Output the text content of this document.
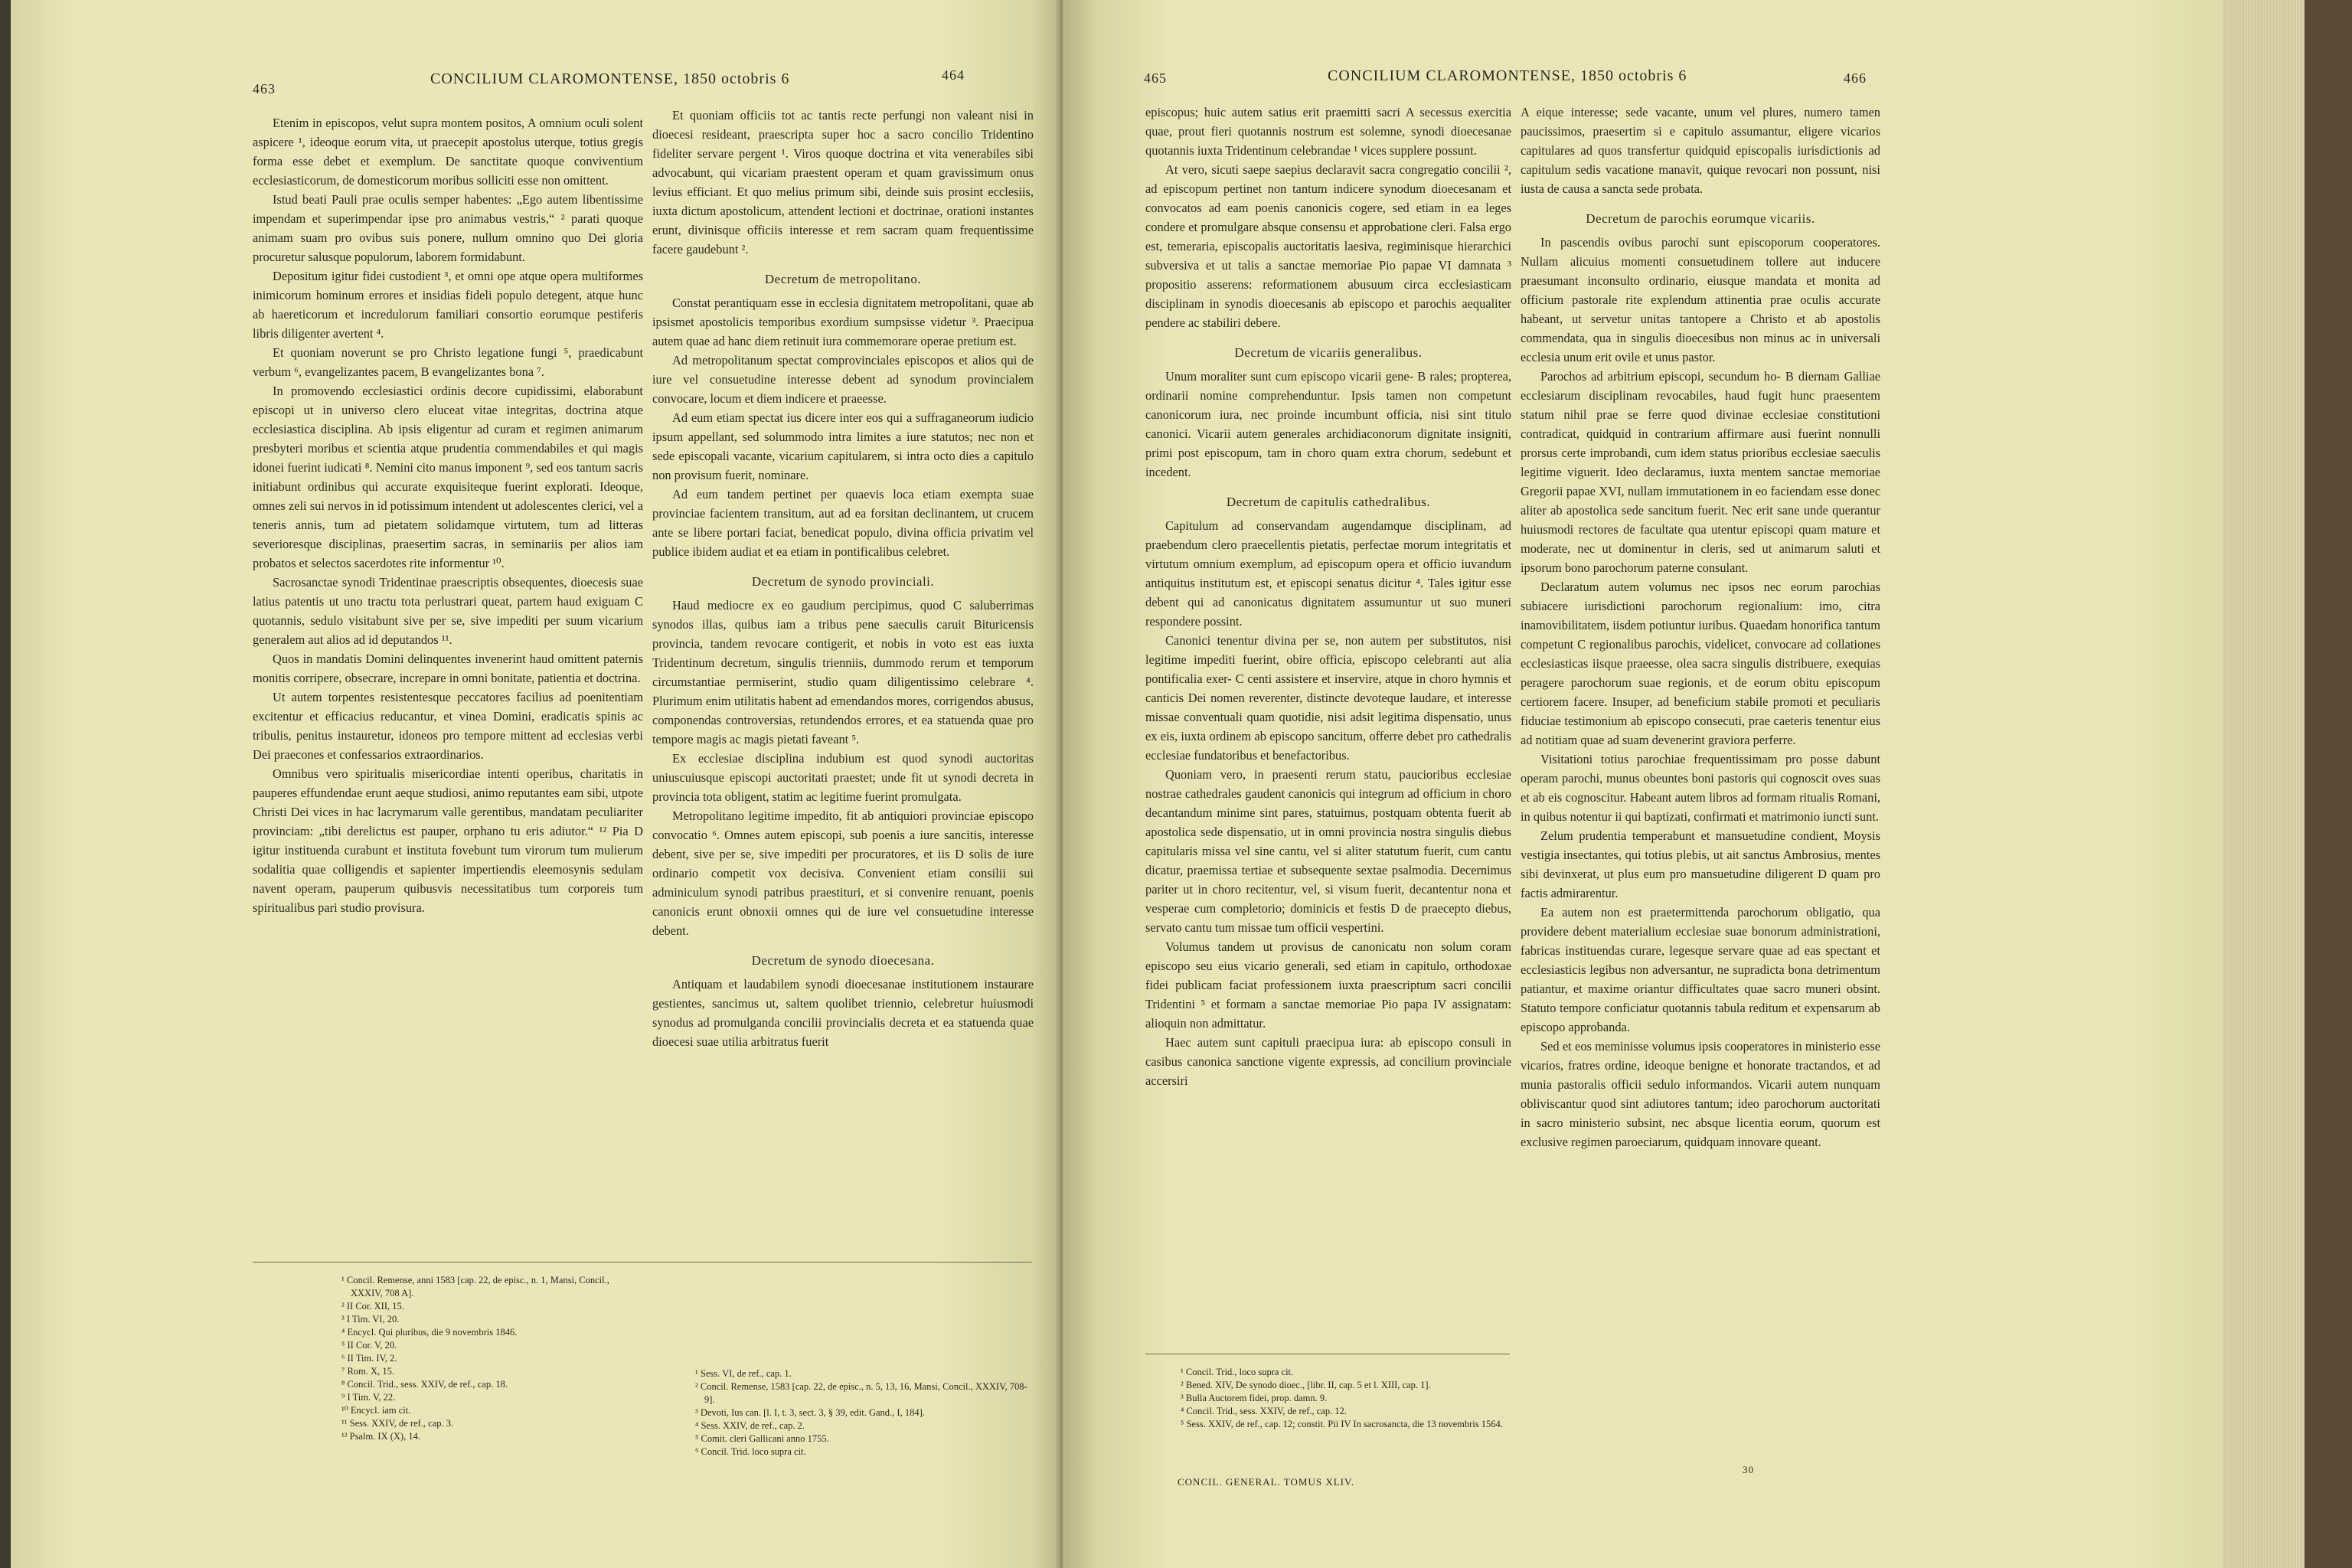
463
CONCILIUM CLAROMONTENSE, 1850 octobris 6	464

Etenim in episcopos, velut supra montem positos, A omnium oculi solent aspicere ¹, ideoque eorum vita, ut praecepit apostolus uterque, totius gregis forma esse debet et exemplum. De sanctitate quoque conviventium ecclesiasticorum, de domesticorum moribus solliciti esse non omittent.

Istud beati Pauli prae oculis semper habentes: „Ego autem libentissime impendam et superimpendar ipse pro animabus vestris,“ ² parati quoque animam suam pro ovibus suis ponere, nullum omnino quo Dei gloria procuretur salusque populorum, laborem formidabunt.

Depositum igitur fidei custodient ³, et omni ope atque opera multiformes inimicorum hominum errores et insidias fideli populo detegent, atque hunc ab haereticorum et incredulorum familiari consortio eorumque pestiferis libris diligenter avertent ⁴.

Et quoniam noverunt se pro Christo legatione fungi ⁵, praedicabunt verbum ⁶, evangelizantes pacem, B evangelizantes bona ⁷.

In promovendo ecclesiastici ordinis decore cupidissimi, elaborabunt episcopi ut in universo clero eluceat vitae integritas, doctrina atque ecclesiastica disciplina. Ab ipsis eligentur ad curam et regimen animarum presbyteri moribus et scientia atque prudentia commendabiles et qui magis idonei fuerint iudicati ⁸. Nemini cito manus imponent ⁹, sed eos tantum sacris initiabunt ordinibus qui accurate exquisiteque fuerint explorati. Ideoque, omnes zeli sui nervos in id potissimum intendent ut adolescentes clerici, vel a teneris annis, tum ad pietatem solidamque virtutem, tum ad litteras severioresque disciplinas, praesertim sacras, in seminariis per alios iam probatos et selectos sacerdotes rite informentur ¹⁰.

Sacrosanctae synodi Tridentinae praescriptis obsequentes, dioecesis suae latius patentis ut uno tractu tota perlustrari queat, partem haud exiguam C quotannis, sedulo visitabunt sive per se, sive impediti per suum vicarium generalem aut alios ad id deputandos ¹¹.

Quos in mandatis Domini delinquentes invenerint haud omittent paternis monitis corripere, obsecrare, increpare in omni bonitate, patientia et doctrina.

Ut autem torpentes resistentesque peccatores facilius ad poenitentiam excitentur et efficacius reducantur, et vinea Domini, eradicatis spinis ac tribulis, penitus instauretur, idoneos pro tempore mittent ad ecclesias verbi Dei praecones et confessarios extraordinarios.

Omnibus vero spiritualis misericordiae intenti operibus, charitatis in pauperes effundendae erunt aeque studiosi, animo reputantes eam sibi, utpote Christi Dei vices in hac lacrymarum valle gerentibus, mandatam peculiariter provinciam: „tibi derelictus est pauper, orphano tu eris adiutor.“ ¹² Pia D igitur instituenda curabunt et instituta fovebunt tum virorum tum mulierum sodalitia quae colligendis et sapienter impertiendis eleemosynis sedulam navent operam, pauperum quibusvis necessitatibus tum corporeis tum spiritualibus pari studio provisura.

Et quoniam officiis tot ac tantis recte perfungi non valeant nisi in dioecesi resideant, praescripta super hoc a sacro concilio Tridentino fideliter servare pergent ¹. Viros quoque doctrina et vita venerabiles sibi advocabunt, qui vicariam praestent operam et quam gravissimum onus levius efficiant. Et quo melius primum sibi, deinde suis prosint ecclesiis, iuxta dictum apostolicum, attendent lectioni et doctrinae, orationi instantes erunt, divinisque officiis interesse et rem sacram quam frequentissime facere gaudebunt ².

Decretum de metropolitano.

Constat perantiquam esse in ecclesia dignitatem metropolitani, quae ab ipsismet apostolicis temporibus exordium sumpsisse videtur ³. Praecipua autem quae ad hanc diem retinuit iura commemorare operae pretium est.

Ad metropolitanum spectat comprovinciales episcopos et alios qui de iure vel consuetudine interesse debent ad synodum provincialem convocare, locum et diem indicere et praeesse.

Ad eum etiam spectat ius dicere inter eos qui a suffraganeorum iudicio ipsum appellant, sed solummodo intra limites a iure statutos; nec non et sede episcopali vacante, vicarium capitularem, si intra octo dies a capitulo non provisum fuerit, nominare.

Ad eum tandem pertinet per quaevis loca etiam exempta suae provinciae facientem transitum, aut ad ea forsitan declinantem, ut crucem ante se libere portari faciat, benedicat populo, divina officia privatim vel publice ibidem audiat et ea etiam in pontificalibus celebret.

Decretum de synodo provinciali.

Haud mediocre ex eo gaudium percipimus, quod C saluberrimas synodos illas, quibus iam a tribus pene saeculis caruit Bituricensis provincia, tandem revocare contigerit, et nobis in voto est eas iuxta Tridentinum decretum, singulis trienniis, dummodo rerum et temporum circumstantiae permiserint, studio quam diligentissimo celebrare ⁴. Plurimum enim utilitatis habent ad emendandos mores, corrigendos abusus, componendas controversias, retundendos errores, et ea statuenda quae pro tempore magis ac magis pietati faveant ⁵.

Ex ecclesiae disciplina indubium est quod synodi auctoritas uniuscuiusque episcopi auctoritati praestet; unde fit ut synodi decreta in provincia tota obligent, statim ac legitime fuerint promulgata.

Metropolitano legitime impedito, fit ab antiquiori provinciae episcopo convocatio ⁶. Omnes autem episcopi, sub poenis a iure sancitis, interesse debent, sive per se, sive impediti per procuratores, et iis D solis de iure ordinario competit vox decisiva. Convenient etiam consilii sui adminiculum synodi patribus praestituri, et si convenire renuant, poenis canonicis erunt obnoxii omnes qui de iure vel consuetudine interesse debent.

Decretum de synodo dioecesana.

Antiquam et laudabilem synodi dioecesanae institutionem instaurare gestientes, sancimus ut, saltem quolibet triennio, celebretur huiusmodi synodus ad promulganda concilii provincialis decreta et ea statuenda quae dioecesi suae utilia arbitratus fuerit

¹ Concil. Remense, anni 1583 [cap. 22, de episc., n. 1, Mansi, Concil., XXXIV, 708 A].
² II Cor. XII, 15.
³ I Tim. VI, 20.
⁴ Encycl. Qui pluribus, die 9 novembris 1846.
⁵ II Cor. V, 20.
⁶ II Tim. IV, 2.
⁷ Rom. X, 15.
⁸ Concil. Trid., sess. XXIV, de ref., cap. 18.
⁹ I Tim. V, 22.
¹⁰ Encycl. iam cit.
¹¹ Sess. XXIV, de ref., cap. 3.
¹² Psalm. IX (X), 14.
¹ Sess. VI, de ref., cap. 1.
² Concil. Remense, 1583 [cap. 22, de episc., n. 5, 13, 16, Mansi, Concil., XXXIV, 708-9].
³ Devoti, Ius can. [l. I, t. 3, sect. 3, § 39, edit. Gand., I, 184].
⁴ Sess. XXIV, de ref., cap. 2.
⁵ Comit. cleri Gallicani anno 1755.
⁶ Concil. Trid. loco supra cit.
465	CONCILIUM CLAROMONTENSE, 1850 octobris 6	466

episcopus; huic autem satius erit praemitti sacri A secessus exercitia quae, prout fieri quotannis nostrum est solemne, synodi dioecesanae quotannis iuxta Tridentinum celebrandae ¹ vices supplere possunt.

At vero, sicuti saepe saepius declaravit sacra congregatio concilii ², ad episcopum pertinet non tantum indicere synodum dioecesanam et convocatos ad eam poenis canonicis cogere, sed etiam in ea leges condere et promulgare absque consensu et approbatione cleri. Falsa ergo est, temeraria, episcopalis auctoritatis laesiva, regiminisque hierarchici subversiva et ut talis a sanctae memoriae Pio papae VI damnata ³ propositio asserens: reformationem abusuum circa ecclesiasticam disciplinam in synodis dioecesanis ab episcopo et parochis aequaliter pendere ac stabiliri debere.

Decretum de vicariis generalibus.

Unum moraliter sunt cum episcopo vicarii gene- B rales; propterea, ordinarii nomine comprehenduntur. Ipsis tamen non competunt canonicorum iura, nec proinde incumbunt officia, nisi sint titulo canonici. Vicarii autem generales archidiaconorum dignitate insigniti, primi post episcopum, tam in choro quam extra chorum, sedebunt et incedent.

Decretum de capitulis cathedralibus.

Capitulum ad conservandam augendamque disciplinam, ad praebendum clero praecellentis pietatis, perfectae morum integritatis et virtutum omnium exemplum, ad episcopum opera et officio iuvandum antiquitus institutum est, et episcopi senatus dicitur ⁴. Tales igitur esse debent qui ad canonicatus dignitatem assumuntur ut suo muneri respondere possint.

Canonici tenentur divina per se, non autem per substitutos, nisi legitime impediti fuerint, obire officia, episcopo celebranti aut alia pontificalia exer- C centi assistere et inservire, atque in choro hymnis et canticis Dei nomen reverenter, distincte devoteque laudare, et interesse missae conventuali quam quotidie, nisi adsit legitima dispensatio, unus ex eis, iuxta ordinem ab episcopo sancitum, offerre debet pro cathedralis ecclesiae fundatoribus et benefactoribus.

Quoniam vero, in praesenti rerum statu, paucioribus ecclesiae nostrae cathedrales gaudent canonicis qui integrum ad officium in choro decantandum minime sint pares, statuimus, postquam obtenta fuerit ab apostolica sede dispensatio, ut in omni provincia nostra singulis diebus capitularis missa vel sine cantu, vel si aliter statutum fuerit, cum cantu dicatur, praemissa tertiae et subsequente sextae psalmodia. Decernimus pariter ut in choro recitentur, vel, si visum fuerit, decantentur nona et vesperae cum completorio; dominicis et festis D de praecepto diebus, servato cantu tum missae tum officii vespertini.

Volumus tandem ut provisus de canonicatu non solum coram episcopo seu eius vicario generali, sed etiam in capitulo, orthodoxae fidei publicam faciat professionem iuxta praescriptum sacri concilii Tridentini ⁵ et formam a sanctae memoriae Pio papa IV assignatam: alioquin non admittatur.

Haec autem sunt capituli praecipua iura: ab episcopo consuli in casibus canonica sanctione vigente expressis, ad concilium provinciale accersiri

A eique interesse; sede vacante, unum vel plures, numero tamen paucissimos, praesertim si e capitulo assumantur, eligere vicarios capitulares ad quos transfertur quidquid episcopalis iurisdictionis ad capitulum sedis vacatione manavit, quique revocari non possunt, nisi iusta de causa a sancta sede probata.

Decretum de parochis eorumque vicariis.

In pascendis ovibus parochi sunt episcoporum cooperatores. Nullam alicuius momenti consuetudinem tollere aut inducere praesumant inconsulto ordinario, eiusque mandata et monita ad officium pastorale rite explendum attinentia prae oculis accurate habeant, ut servetur unitas tantopere a Christo et ab apostolis commendata, qua in singulis dioecesibus non minus ac in universali ecclesia unum erit ovile et unus pastor.

Parochos ad arbitrium episcopi, secundum ho- B diernam Galliae ecclesiarum disciplinam revocabiles, haud fugit hunc praesentem statum nihil prae se ferre quod divinae ecclesiae constitutioni contradicat, quidquid in contrarium affirmare ausi fuerint nonnulli prorsus certe improbandi, cum idem status prioribus ecclesiae saeculis legitime viguerit. Ideo declaramus, iuxta mentem sanctae memoriae Gregorii papae XVI, nullam immutationem in eo faciendam esse donec aliter ab apostolica sede sancitum fuerit. Nec erit sane unde querantur huiusmodi rectores de facultate qua utentur episcopi quam mature et moderate, nec ut dominentur in cleris, sed ut animarum saluti et ipsorum bono parochorum paterne consulant.

Declaratum autem volumus nec ipsos nec eorum parochias subiacere iurisdictioni parochorum regionalium: imo, citra inamovibilitatem, iisdem potiuntur iuribus. Quaedam honorifica tantum competunt C regionalibus parochis, videlicet, convocare ad collationes ecclesiasticas iisque praeesse, olea sacra singulis distribuere, exequias peragere parochorum suae regionis, et de eorum obitu episcopum certiorem facere. Insuper, ad beneficium stabile promoti et peculiaris fiduciae testimonium ab episcopo consecuti, prae caeteris tenentur eius ad notitiam quae ad suam devenerint graviora perferre.

Visitationi totius parochiae frequentissimam pro posse dabunt operam parochi, munus obeuntes boni pastoris qui cognoscit oves suas et ab eis cognoscitur. Habeant autem libros ad formam ritualis Romani, in quibus notentur ii qui baptizati, confirmati et matrimonio iuncti sunt.

Zelum prudentia temperabunt et mansuetudine condient, Moysis vestigia insectantes, qui totius plebis, ut ait sanctus Ambrosius, mentes sibi devinxerat, ut plus eum pro mansuetudine diligerent D quam pro factis admirarentur.

Ea autem non est praetermittenda parochorum obligatio, qua providere debent materialium ecclesiae suae bonorum administrationi, fabricas instituendas curare, legesque servare quae ad eas spectant et ecclesiasticis legibus non adversantur, ne supradicta bona detrimentum patiantur, et maxime oriantur difficultates quae sacro muneri obsint. Statuto tempore conficiatur quotannis tabula reditum et expensarum ab episcopo approbanda.

Sed et eos meminisse volumus ipsis cooperatores in ministerio esse vicarios, fratres ordine, ideoque benigne et honorate tractandos, et ad munia pastoralis officii sedulo informandos. Vicarii autem nunquam obliviscantur quod sint adiutores tantum; ideo parochorum auctoritati in sacro ministerio subsint, nec absque licentia eorum, quorum est exclusive regimen paroeciarum, quidquam innovare queant.

¹ Concil. Trid., loco supra cit.
² Bened. XIV, De synodo dioec., [libr. II, cap. 5 et l. XIII, cap. 1].
³ Bulla Auctorem fidei, prop. damn. 9.
⁴ Concil. Trid., sess. XXIV, de ref., cap. 12.
⁵ Sess. XXIV, de ref., cap. 12; constit. Pii IV In sacrosancta, die 13 novembris 1564.
CONCIL. GENERAL. TOMUS XLIV.
30
